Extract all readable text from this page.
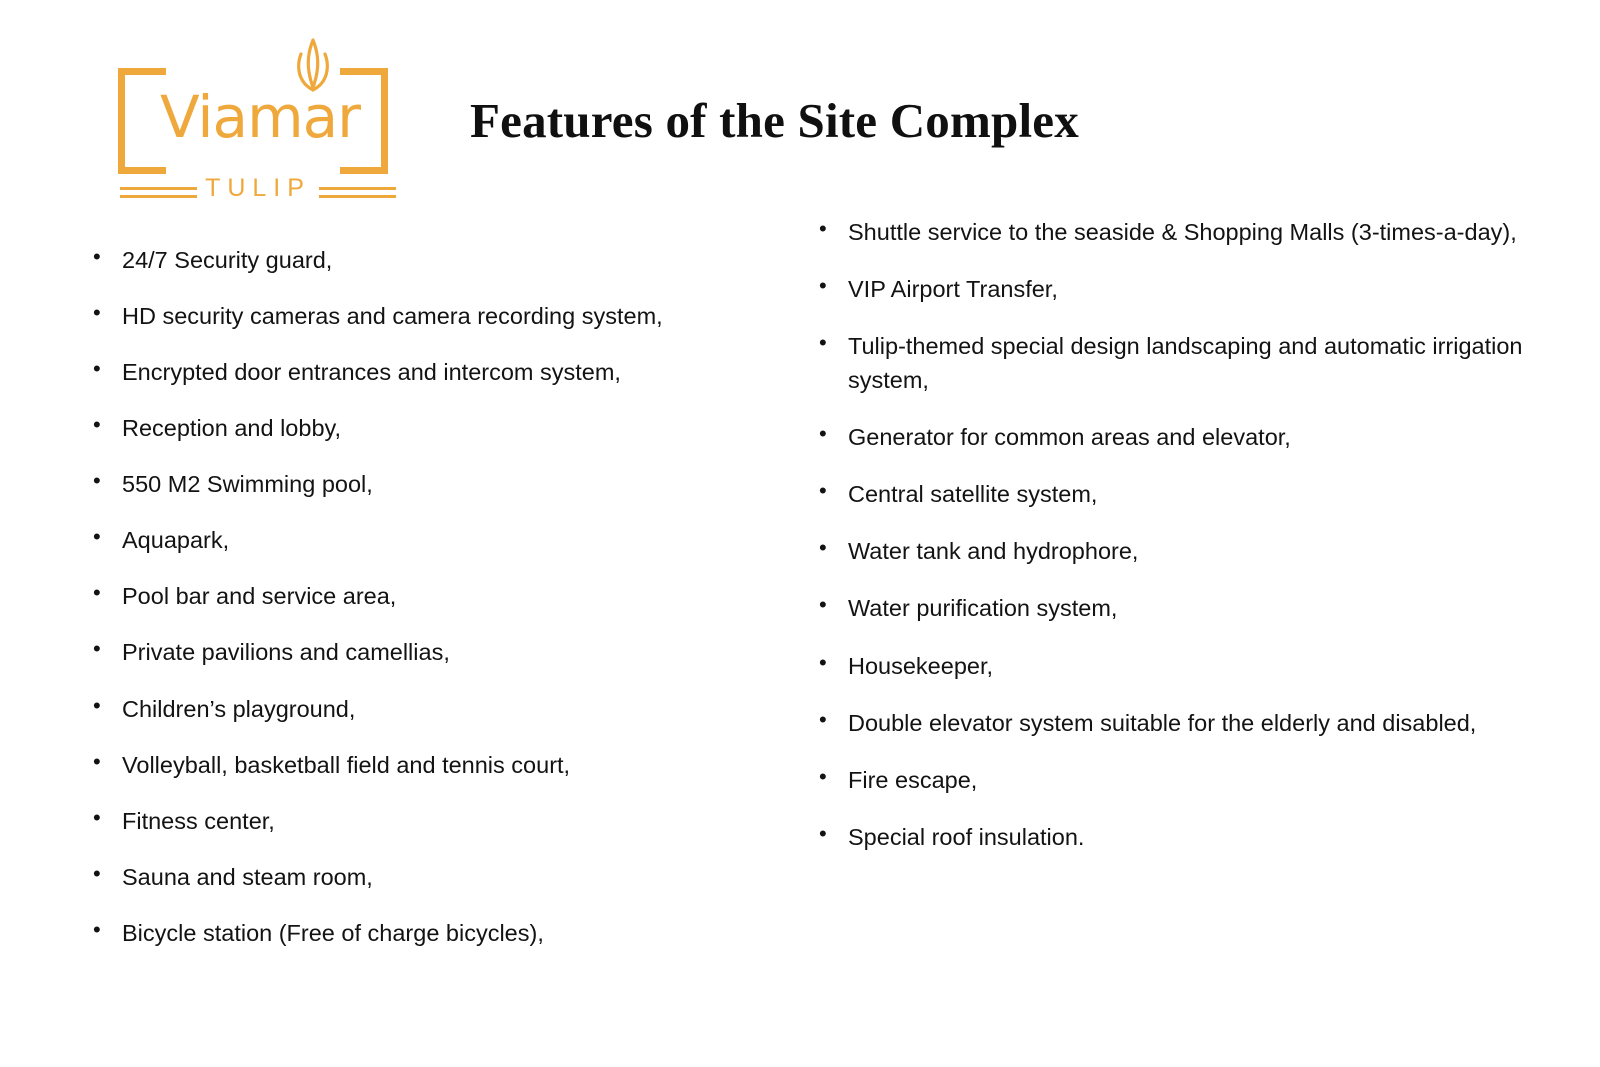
Viamar
TULIP
Features of the Site Complex
• 24/7 Security guard,
• HD security cameras and camera recording system,
• Encrypted door entrances and intercom system,
• Reception and lobby,
• 550 M2 Swimming pool,
• Aquapark,
• Pool bar and service area,
• Private pavilions and camellias,
• Children’s playground,
• Volleyball, basketball field and tennis court,
• Fitness center,
• Sauna and steam room,
• Bicycle station (Free of charge bicycles),
• Shuttle service to the seaside & Shopping Malls (3-times-a-day),
• VIP Airport Transfer,
• Tulip-themed special design landscaping and automatic irrigation system,
• Generator for common areas and elevator,
• Central satellite system,
• Water tank and hydrophore,
• Water purification system,
• Housekeeper,
• Double elevator system suitable for the elderly and disabled,
• Fire escape,
• Special roof insulation.
